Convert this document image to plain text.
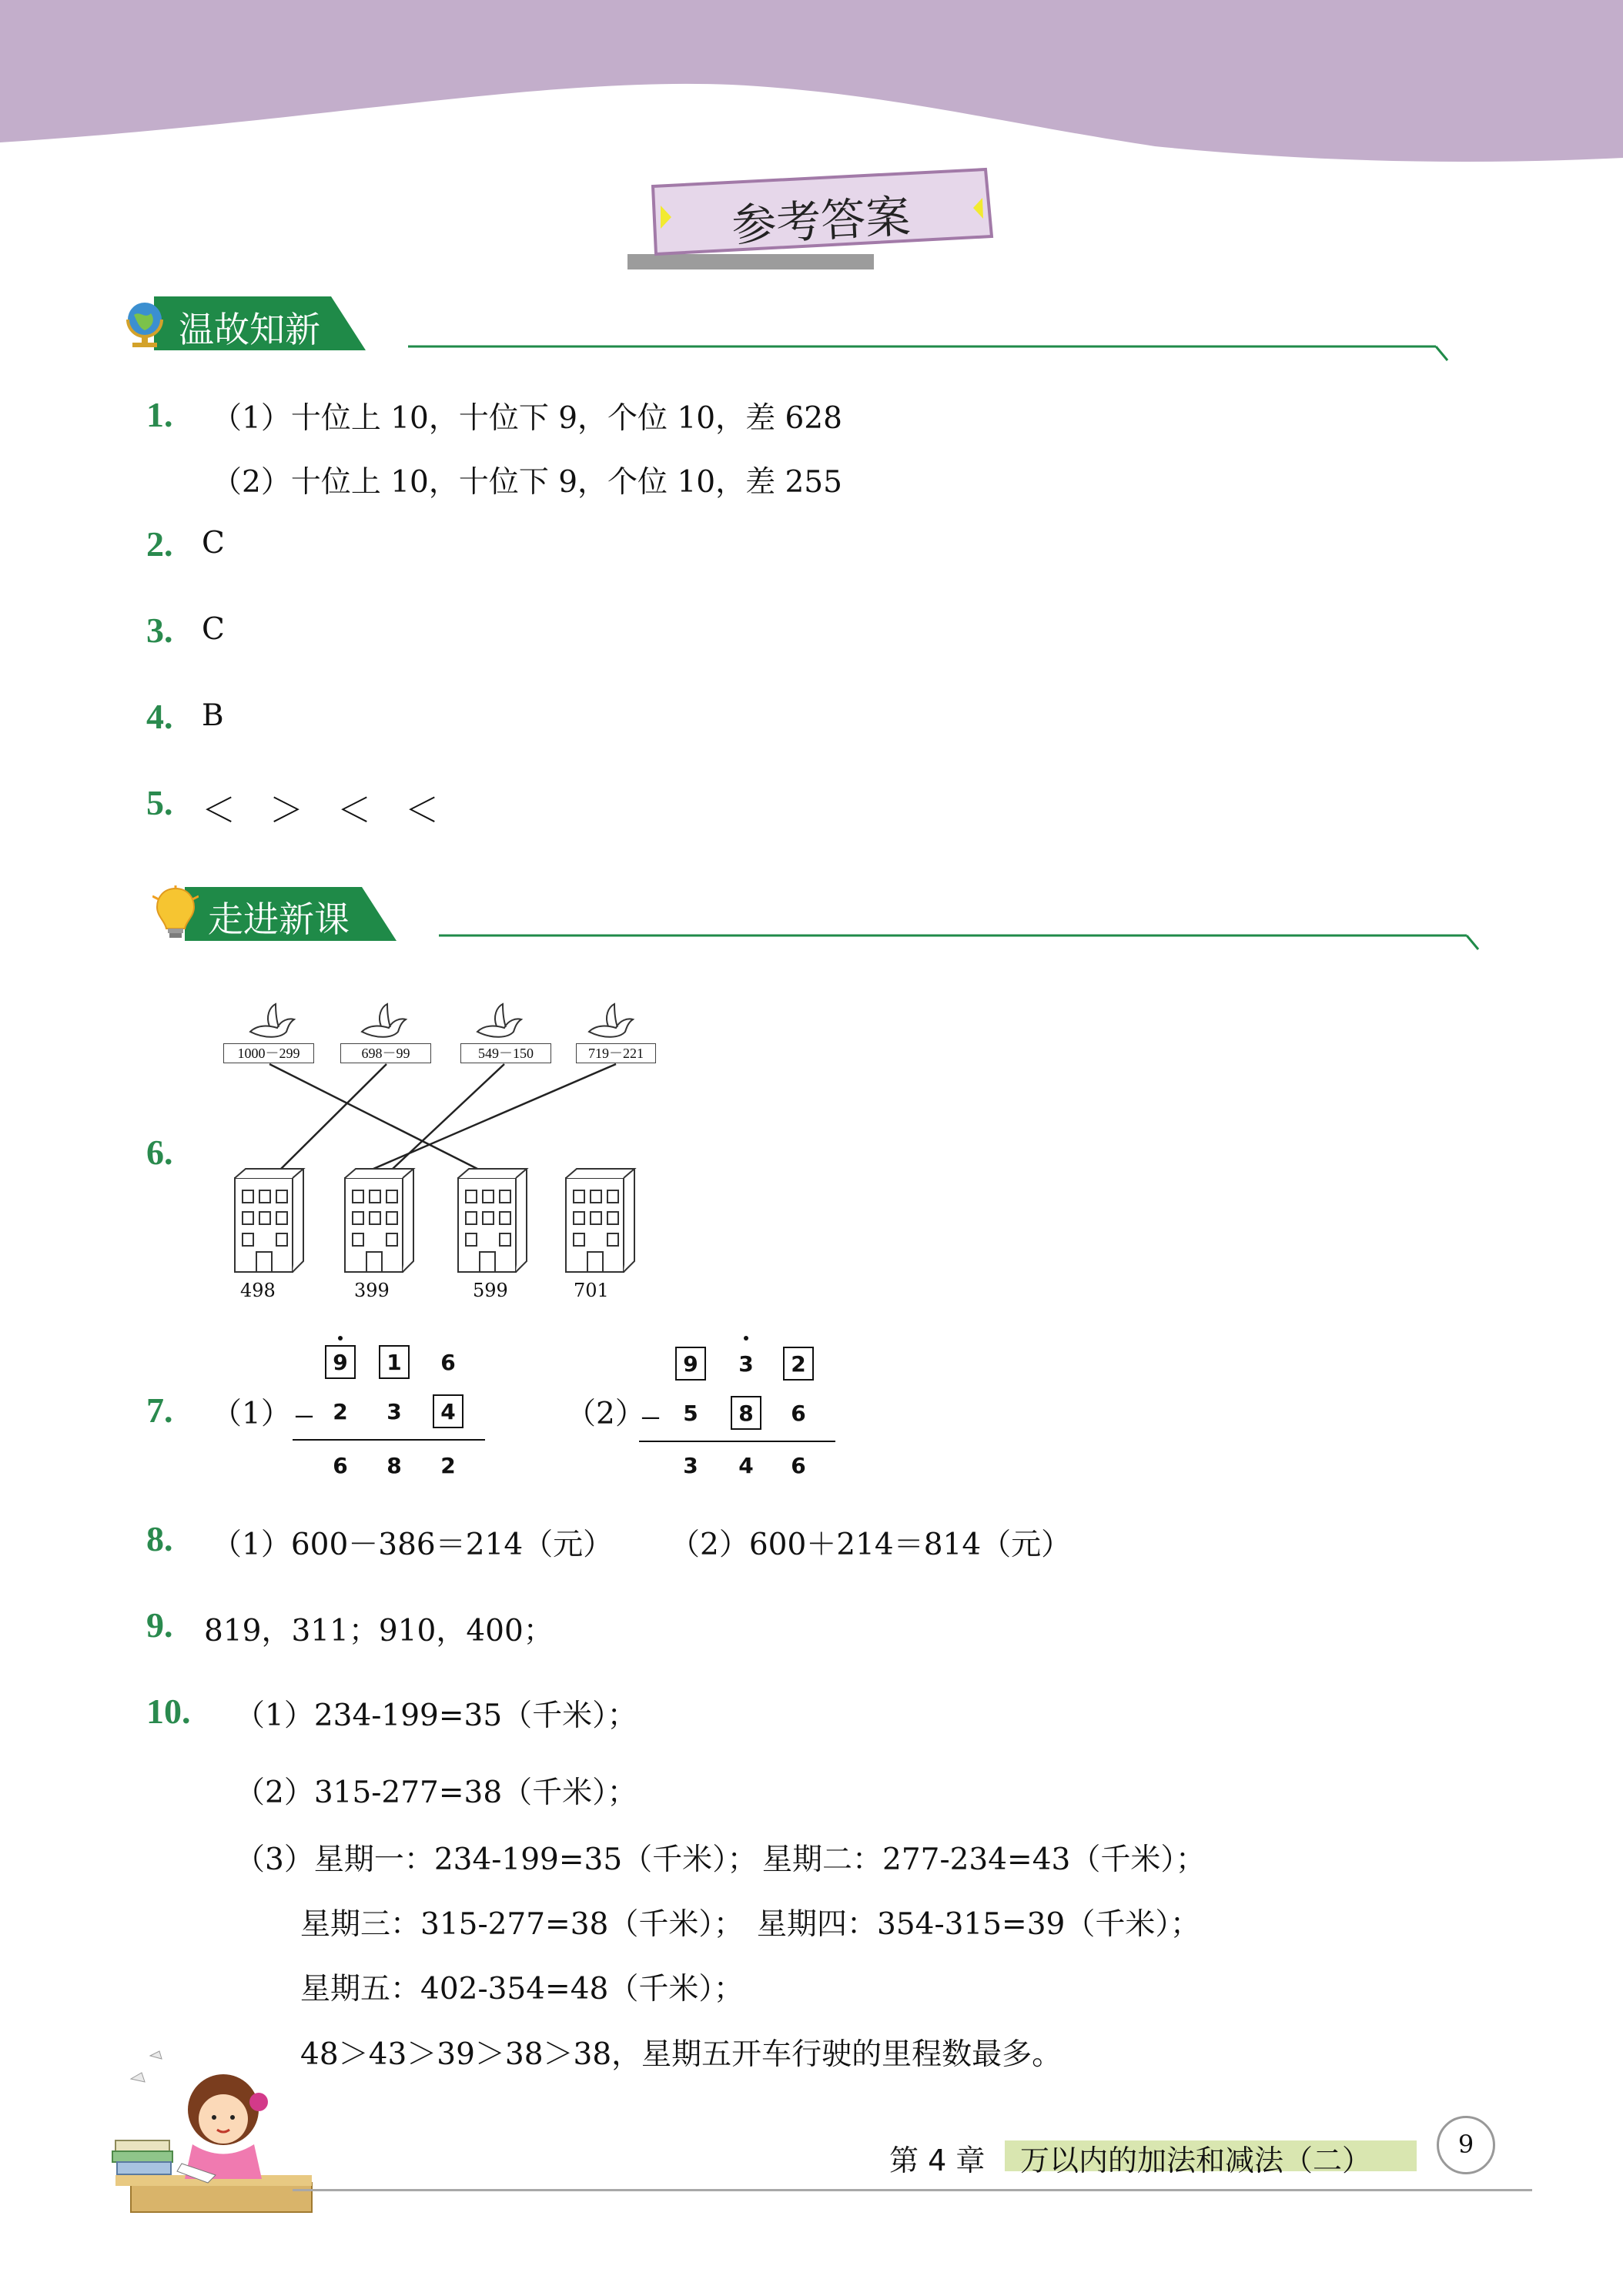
参考答案
温故知新
1. （1）十位上 10，十位下 9，个位 10，差 628
（2）十位上 10，十位下 9，个位 10，差 255
2. C
3. C
4. B
5. ＜　＞　＜　＜
走进新课
6.
1000－299	698－99	549－150	719－221
498	399	599	701
7. （1）
9	1	6
－ 2	3	4
6	8	2
（2）
9	3	2
－	5	8	6
3	4	6
8. （1）600－386＝214（元） （2）600＋214＝814（元）
9. 819，311；910，400；
10. （1）234-199=35（千米）；
（2）315-277=38（千米）；
（3）星期一：234-199=35（千米）； 星期二：277-234=43（千米）；
星期三：315-277=38（千米）； 星期四：354-315=39（千米）；
星期五：402-354=48（千米）；
48＞43＞39＞38＞38，星期五开车行驶的里程数最多。
第 4 章 万以内的加法和减法（二）	9
